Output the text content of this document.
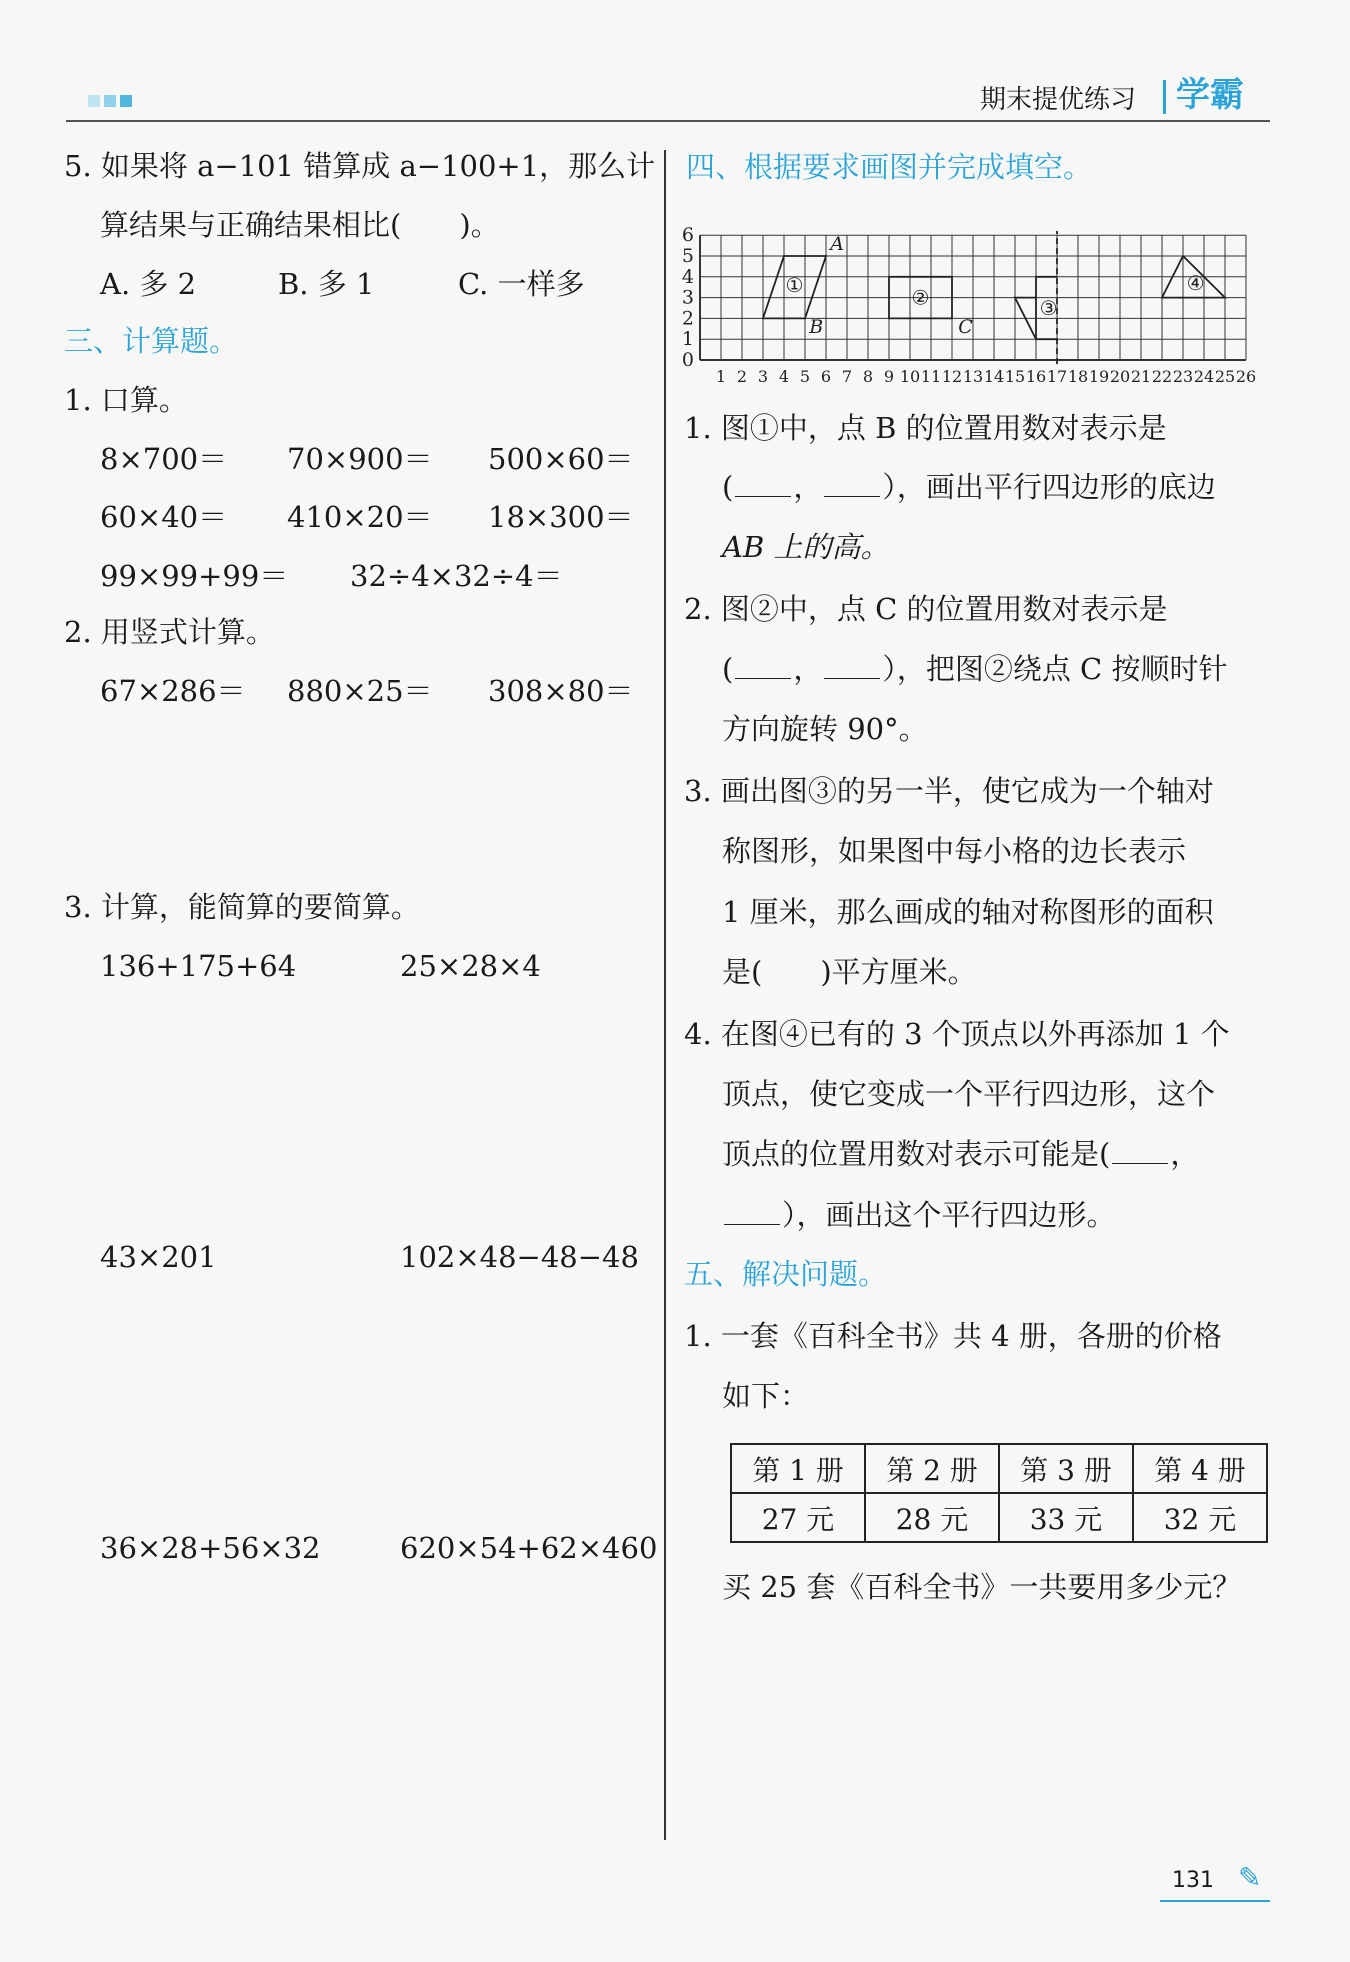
期末提优练习 学霸
5. 如果将 a−101 错算成 a−100+1，那么计
算结果与正确结果相比(　　)。
A. 多 2	B. 多 1	C. 一样多
三、计算题。
1. 口算。
8×700＝ 70×900＝ 500×60＝
60×40＝ 410×20＝ 18×300＝
99×99+99＝ 32÷4×32÷4＝
2. 用竖式计算。
67×286＝ 880×25＝ 308×80＝
3. 计算，能简算的要简算。
136+175+64	25×28×4
43×201	102×48−48−48
36×28+56×32	620×54+62×460
四、根据要求画图并完成填空。
1 2 3 4 5 6 7 8 9 10 11 12 13 14 15 16 17 18 19 20 21 22 23 24 25 26
0
1
2
3
4
5
6
①
②	③
④
A
B	C
1. 图①中，点 B 的位置用数对表示是
( ， ），画出平行四边形的底边
AB 上的高。
2. 图②中，点 C 的位置用数对表示是
( ， ），把图②绕点 C 按顺时针
方向旋转 90°。
3. 画出图③的另一半，使它成为一个轴对
称图形，如果图中每小格的边长表示
1 厘米，那么画成的轴对称图形的面积
是(　　)平方厘米。
4. 在图④已有的 3 个顶点以外再添加 1 个
顶点，使它变成一个平行四边形，这个
顶点的位置用数对表示可能是( ，
），画出这个平行四边形。
五、解决问题。
1. 一套《百科全书》共 4 册，各册的价格
如下：
第 1 册	第 2 册	第 3 册	第 4 册
27 元	28 元	33 元	32 元
买 25 套《百科全书》一共要用多少元？
131 ✎
